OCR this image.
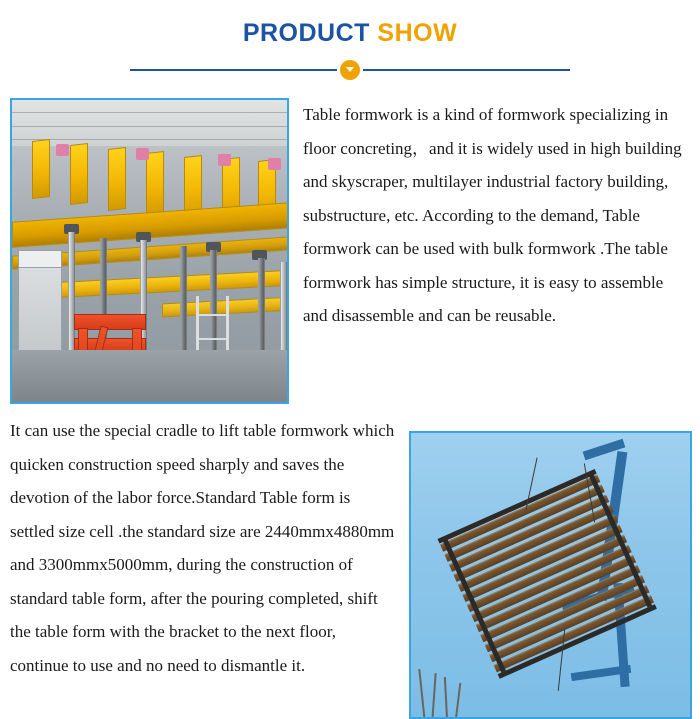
PRODUCT SHOW
Table formwork is a kind of formwork specializing in floor concreting，and it is widely used in high building and skyscraper, multilayer industrial factory building, substructure, etc. According to the demand, Table formwork can be used with bulk formwork .The table formwork has simple structure, it is easy to assemble and disassemble and can be reusable.
It can use the special cradle to lift table formwork which quicken construction speed sharply and saves the devotion of the labor force.Standard Table form is settled size cell .the standard size are 2440mmx4880mm and 3300mmx5000mm, during the construction of standard table form, after the pouring completed, shift the table form with the bracket to the next floor, continue to use and no need to dismantle it.
